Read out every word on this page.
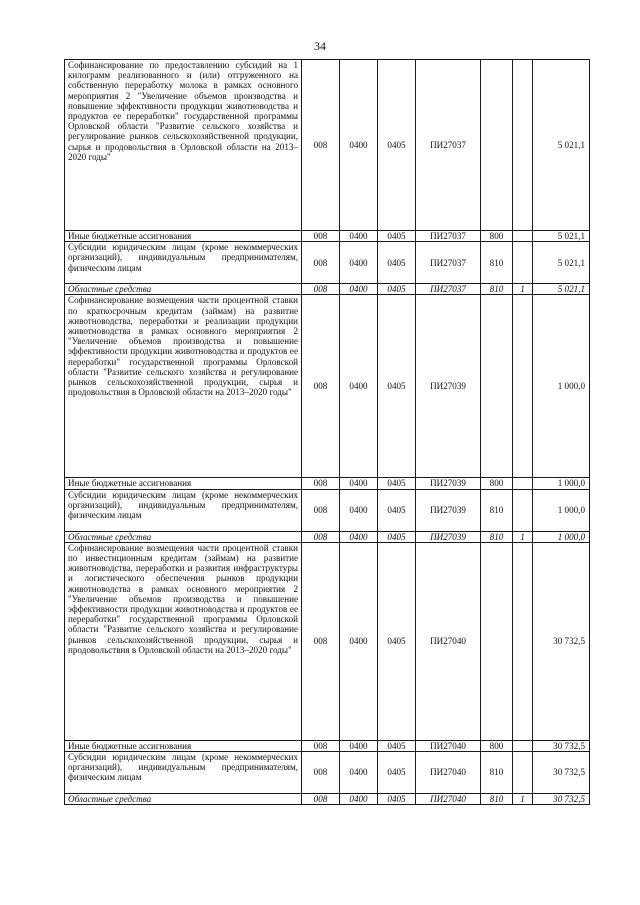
34
Софинансирование по предоставлению субсидий на 1 килограмм реализованного и (или) отгруженного на собственную переработку молока в рамках основного мероприятия 2 "Увеличение объемов производства и повышение эффективности продукции животноводства и продуктов ее переработки" государственной программы Орловской области "Развитие сельского хозяйства и регулирование рынков сельскохозяйственной продукции, сырья и продовольствия в Орловской области на 2013–2020 годы"	008	0400	0405	ПИ27037			5 021,1
Иные бюджетные ассигнования	008	0400	0405	ПИ27037	800		5 021,1
Субсидии юридическим лицам (кроме некоммерческих организаций), индивидуальным предпринимателям, физическим лицам	008	0400	0405	ПИ27037	810		5 021,1
Областные средства	008	0400	0405	ПИ27037	810	1	5 021,1
Софинансирование возмещения части процентной ставки по краткосрочным кредитам (займам) на развитие животноводства, переработки и реализации продукции животноводства в рамках основного мероприятия 2 "Увеличение объемов производства и повышение эффективности продукции животноводства и продуктов ее переработки" государственной программы Орловской области "Развитие сельского хозяйства и регулирование рынков сельскохозяйственной продукции, сырья и продовольствия в Орловской области на 2013–2020 годы"	008	0400	0405	ПИ27039			1 000,0
Иные бюджетные ассигнования	008	0400	0405	ПИ27039	800		1 000,0
Субсидии юридическим лицам (кроме некоммерческих организаций), индивидуальным предпринимателям, физическим лицам	008	0400	0405	ПИ27039	810		1 000,0
Областные средства	008	0400	0405	ПИ27039	810	1	1 000,0
Софинансирование возмещения части процентной ставки по инвестиционным кредитам (займам) на развитие животноводства, переработки и развития инфраструктуры и логистического обеспечения рынков продукции животноводства в рамках основного мероприятия 2 "Увеличение объемов производства и повышение эффективности продукции животноводства и продуктов ее переработки" государственной программы Орловской области "Развитие сельского хозяйства и регулирование рынков сельскохозяйственной продукции, сырья и продовольствия в Орловской области на 2013–2020 годы"	008	0400	0405	ПИ27040			30 732,5
Иные бюджетные ассигнования	008	0400	0405	ПИ27040	800		30 732,5
Субсидии юридическим лицам (кроме некоммерческих организаций), индивидуальным предпринимателям, физическим лицам	008	0400	0405	ПИ27040	810		30 732,5
Областные средства	008	0400	0405	ПИ27040	810	1	30 732,5
